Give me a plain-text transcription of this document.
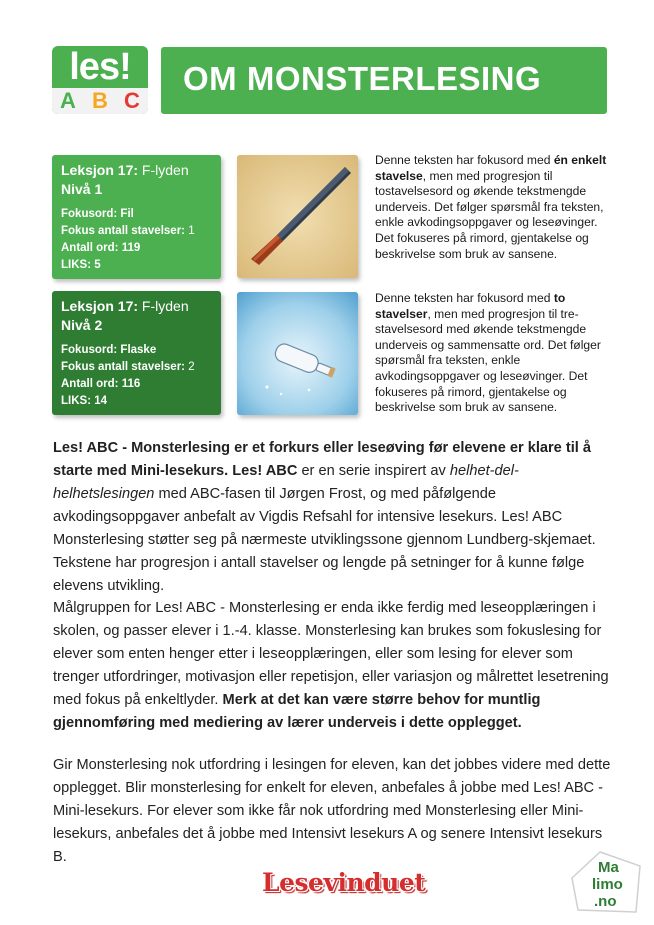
les!
A B C
OM MONSTERLESING
Leksjon 17: F-lyden
Nivå 1
Fokusord: Fil
Fokus antall stavelser: 1
Antall ord: 119
LIKS: 5
Denne teksten har fokusord med én enkelt stavelse, men med progresjon til tostavelsesord og økende tekstmengde underveis. Det følger spørsmål fra teksten, enkle avkodingsoppgaver og leseøvinger. Det fokuseres på rimord, gjentakelse og beskrivelse som bruk av sansene.
Leksjon 17: F-lyden
Nivå 2
Fokusord: Flaske
Fokus antall stavelser: 2
Antall ord: 116
LIKS: 14
Denne teksten har fokusord med to stavelser, men med progresjon til tre-stavelsesord med økende tekstmengde underveis og sammensatte ord. Det følger spørsmål fra teksten, enkle avkodingsoppgaver og leseøvinger. Det fokuseres på rimord, gjentakelse og beskrivelse som bruk av sansene.
Les! ABC - Monsterlesing er et forkurs eller leseøving før elevene er klare til å starte med Mini-lesekurs. Les! ABC er en serie inspirert av helhet-del-helhetslesingen med ABC-fasen til Jørgen Frost, og med påfølgende avkodingsoppgaver anbefalt av Vigdis Refsahl for intensive lesekurs. Les! ABC Monsterlesing støtter seg på nærmeste utviklingssone gjennom Lundberg-skjemaet. Tekstene har progresjon i antall stavelser og lengde på setninger for å kunne følge elevens utvikling.
Målgruppen for Les! ABC - Monsterlesing er enda ikke ferdig med leseopplæringen i skolen, og passer elever i 1.-4. klasse. Monsterlesing kan brukes som fokuslesing for elever som enten henger etter i leseopplæringen, eller som lesing for elever som trenger utfordringer, motivasjon eller repetisjon, eller variasjon og målrettet lesetrening med fokus på enkeltlyder. Merk at det kan være større behov for muntlig gjennomføring med mediering av lærer underveis i dette opplegget.
Gir Monsterlesing nok utfordring i lesingen for eleven, kan det jobbes videre med dette opplegget. Blir monsterlesing for enkelt for eleven, anbefales å jobbe med Les! ABC - Mini-lesekurs. For elever som ikke får nok utfordring med Monsterlesing eller Mini-lesekurs, anbefales det å jobbe med Intensivt lesekurs A og senere Intensivt lesekurs B.
Lesevinduet
Ma
limo
.no
